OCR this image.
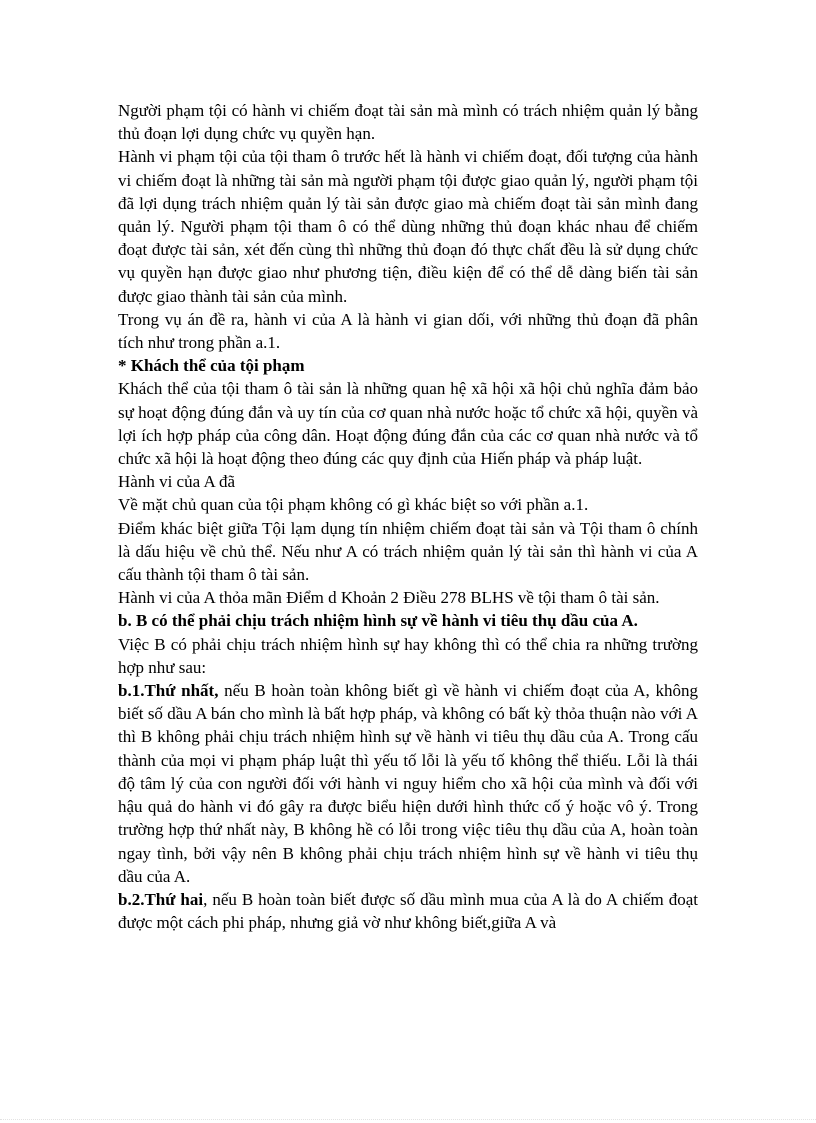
Người phạm tội có hành vi chiếm đoạt tài sản mà mình có trách nhiệm quản lý bằng thủ đoạn lợi dụng chức vụ quyền hạn.

Hành vi phạm tội của tội tham ô trước hết là hành vi chiếm đoạt, đối tượng của hành vi chiếm đoạt là những tài sản mà người phạm tội được giao quản lý, người phạm tội đã lợi dụng trách nhiệm quản lý tài sản được giao mà chiếm đoạt tài sản mình đang quản lý. Người phạm tội tham ô có thể dùng những thủ đoạn khác nhau để chiếm đoạt được tài sản, xét đến cùng thì những thủ đoạn đó thực chất đều là sử dụng chức vụ quyền hạn được giao như phương tiện, điều kiện để có thể dễ dàng biến tài sản được giao thành tài sản của mình.

Trong vụ án đề ra, hành vi của A là hành vi gian dối, với những thủ đoạn đã phân tích như trong phần a.1.

* Khách thể của tội phạm

Khách thể của tội tham ô tài sản là những quan hệ xã hội xã hội chủ nghĩa đảm bảo sự hoạt động đúng đắn và uy tín của cơ quan nhà nước hoặc tổ chức xã hội, quyền và lợi ích hợp pháp của công dân. Hoạt động đúng đắn của các cơ quan nhà nước và tổ chức xã hội là hoạt động theo đúng các quy định của Hiến pháp và pháp luật.

Hành vi của A đã

Về mặt chủ quan của tội phạm không có gì khác biệt so với phần a.1.

Điểm khác biệt giữa Tội lạm dụng tín nhiệm chiếm đoạt tài sản và Tội tham ô chính là dấu hiệu về chủ thể. Nếu như A có trách nhiệm quản lý tài sản thì hành vi của A cấu thành tội tham ô tài sản.

Hành vi của A thỏa mãn Điểm d Khoản 2 Điều 278 BLHS về tội tham ô tài sản.

b. B có thể phải chịu trách nhiệm hình sự về hành vi tiêu thụ dầu của A.

Việc B có phải chịu trách nhiệm hình sự hay không thì có thể chia ra những trường hợp như sau:

b.1.Thứ nhất, nếu B hoàn toàn không biết gì về hành vi chiếm đoạt của A, không biết số dầu A bán cho mình là bất hợp pháp, và không có bất kỳ thỏa thuận nào với A thì B không phải chịu trách nhiệm hình sự về hành vi tiêu thụ dầu của A. Trong cấu thành của mọi vi phạm pháp luật thì yếu tố lỗi là yếu tố không thể thiếu. Lỗi là thái độ tâm lý của con người đối với hành vi nguy hiểm cho xã hội của mình và đối với hậu quả do hành vi đó gây ra được biểu hiện dưới hình thức cố ý hoặc vô ý. Trong trường hợp thứ nhất này, B không hề có lỗi trong việc tiêu thụ dầu của A, hoàn toàn ngay tình, bởi vậy nên B không phải chịu trách nhiệm hình sự về hành vi tiêu thụ dầu của A.

b.2.Thứ hai, nếu B hoàn toàn biết được số dầu mình mua của A là do A chiếm đoạt được một cách phi pháp, nhưng giả vờ như không biết,giữa A và
